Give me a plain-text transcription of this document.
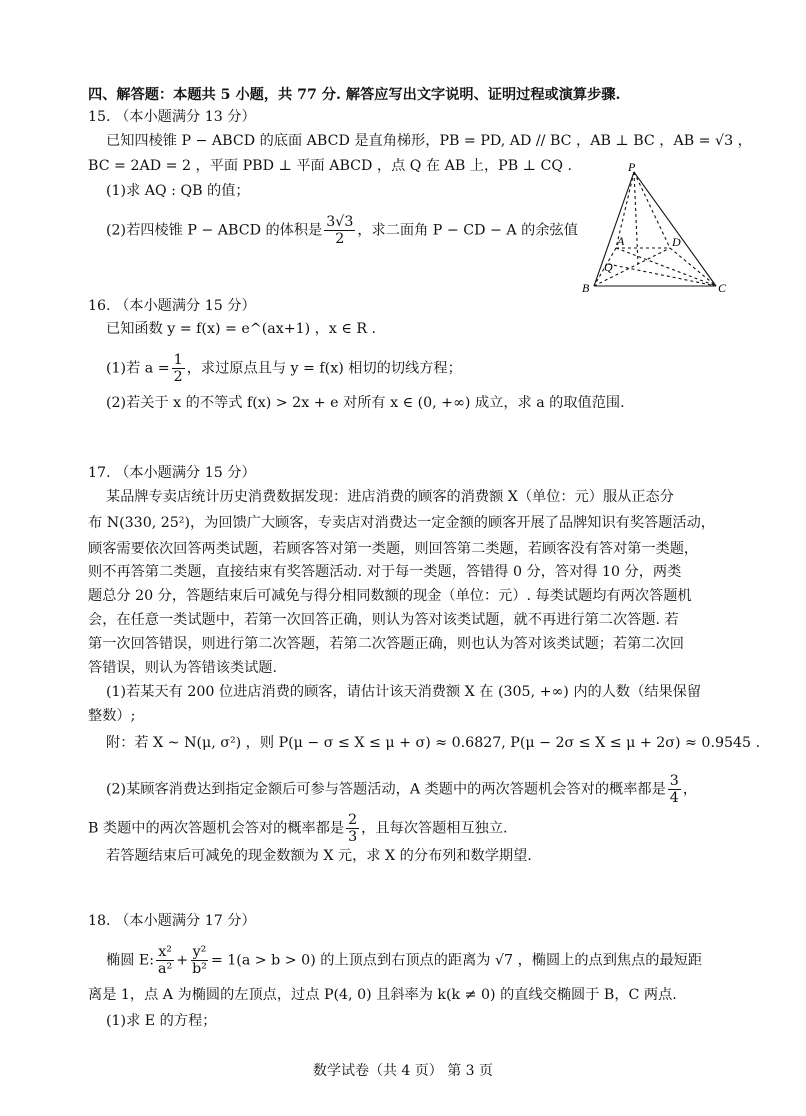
四、解答题：本题共 5 小题，共 77 分. 解答应写出文字说明、证明过程或演算步骤.

15. （本小题满分 13 分）

已知四棱锥 P − ABCD 的底面 ABCD 是直角梯形，PB = PD, AD // BC ，AB ⊥ BC ，AB = √3 ，

BC = 2AD = 2 ，平面 PBD ⊥ 平面 ABCD ，点 Q 在 AB 上，PB ⊥ CQ .

(1)求 AQ : QB 的值；

(2)若四棱锥 P − ABCD 的体积是 $\frac{3√3}{2}$ ，求二面角 P − CD − A 的余弦值

P
A	D
Q
B	C

16. （本小题满分 15 分）

已知函数 y = f(x) = e^(ax+1) ，x ∈ R .

(1)若 $a = \frac{1}{2}$ ，求过原点且与 y = f(x) 相切的切线方程；

(2)若关于 x 的不等式 f(x) > 2x + e 对所有 x ∈ (0, +∞) 成立，求 a 的取值范围.

17. （本小题满分 15 分）

某品牌专卖店统计历史消费数据发现：进店消费的顾客的消费额 X（单位：元）服从正态分

布 N(330, 25²)，为回馈广大顾客，专卖店对消费达一定金额的顾客开展了品牌知识有奖答题活动，

顾客需要依次回答两类试题，若顾客答对第一类题，则回答第二类题，若顾客没有答对第一类题，

则不再答第二类题，直接结束有奖答题活动. 对于每一类题，答错得 0 分，答对得 10 分，两类

题总分 20 分，答题结束后可减免与得分相同数额的现金（单位：元）. 每类试题均有两次答题机

会，在任意一类试题中，若第一次回答正确，则认为答对该类试题，就不再进行第二次答题. 若

第一次回答错误，则进行第二次答题，若第二次答题正确，则也认为答对该类试题；若第二次回

答错误，则认为答错该类试题.

(1)若某天有 200 位进店消费的顾客，请估计该天消费额 X 在 (305, +∞) 内的人数（结果保留

整数）;

附：若 X ~ N(μ, σ²) ，则 P(μ − σ ≤ X ≤ μ + σ) ≈ 0.6827, P(μ − 2σ ≤ X ≤ μ + 2σ) ≈ 0.9545 .

(2)某顾客消费达到指定金额后可参与答题活动，A 类题中的两次答题机会答对的概率都是 $\frac{3}{4}$ ，

B 类题中的两次答题机会答对的概率都是 $\frac{2}{3}$ ，且每次答题相互独立.

若答题结束后可减免的现金数额为 X 元，求 X 的分布列和数学期望.

18. （本小题满分 17 分）

椭圆 E: $\frac{\text{x²}}{\text{a²}} + \frac{\text{y²}}{\text{b²}} = 1(a > b > 0)$ 的上顶点到右顶点的距离为 √7 ，椭圆上的点到焦点的最短距

离是 1，点 A 为椭圆的左顶点，过点 P(4, 0) 且斜率为 k(k ≠ 0) 的直线交椭圆于 B，C 两点.

(1)求 E 的方程；

数学试卷（共 4 页） 第 3 页
